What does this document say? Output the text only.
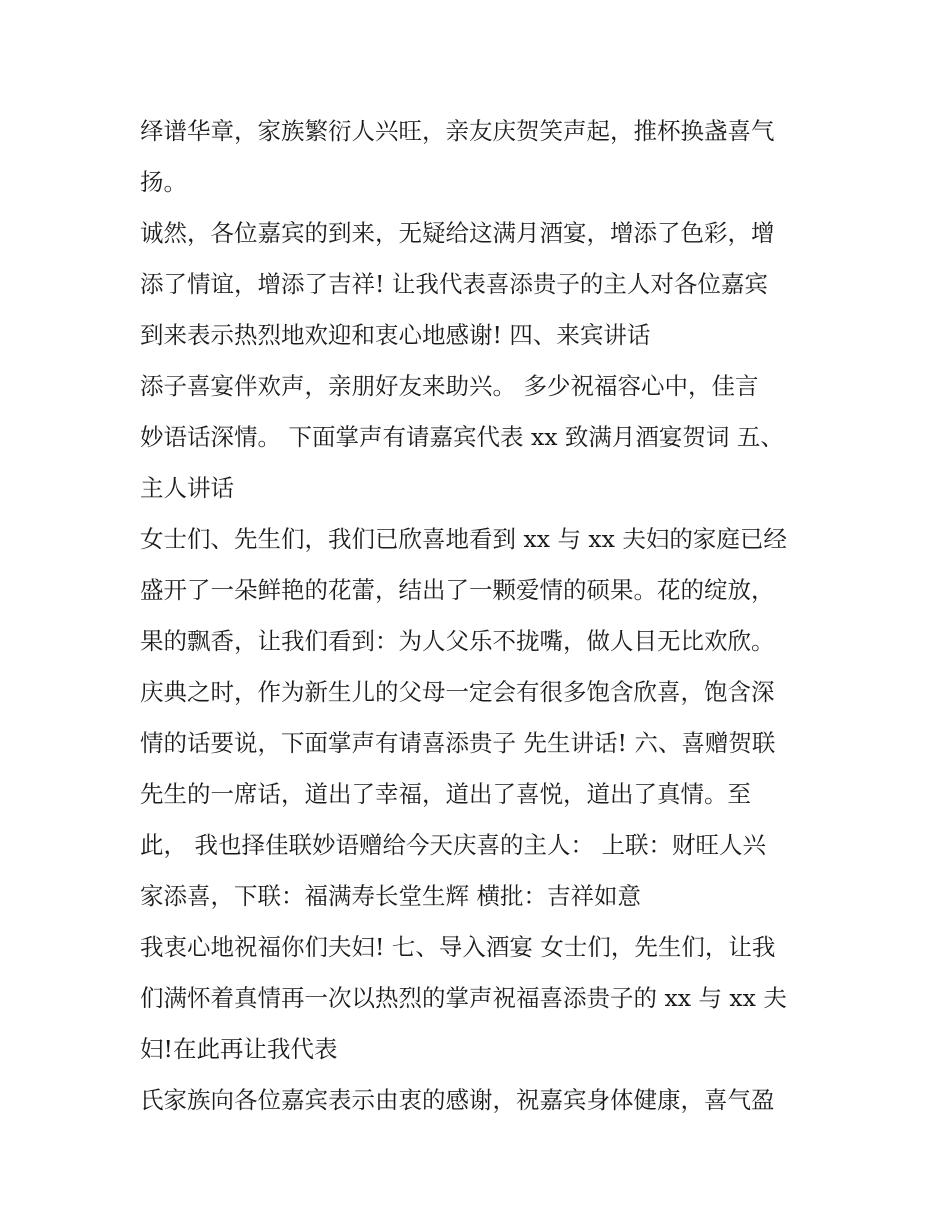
绎谱华章，家族繁衍人兴旺，亲友庆贺笑声起，推杯换盏喜气
扬。
诚然，各位嘉宾的到来，无疑给这满月酒宴，增添了色彩，增
添了情谊，增添了吉祥! 让我代表喜添贵子的主人对各位嘉宾
到来表示热烈地欢迎和衷心地感谢! 四、来宾讲话
添子喜宴伴欢声，亲朋好友来助兴。 多少祝福容心中，佳言
妙语话深情。 下面掌声有请嘉宾代表 xx 致满月酒宴贺词 五、
主人讲话
女士们、先生们，我们已欣喜地看到 xx 与 xx 夫妇的家庭已经
盛开了一朵鲜艳的花蕾，结出了一颗爱情的硕果。花的绽放，
果的飘香，让我们看到：为人父乐不拢嘴，做人目无比欢欣。
庆典之时，作为新生儿的父母一定会有很多饱含欣喜，饱含深
情的话要说，下面掌声有请喜添贵子 先生讲话! 六、喜赠贺联
先生的一席话，道出了幸福，道出了喜悦，道出了真情。至
此， 我也择佳联妙语赠给今天庆喜的主人： 上联：财旺人兴
家添喜，下联：福满寿长堂生辉 横批：吉祥如意
我衷心地祝福你们夫妇! 七、导入酒宴 女士们，先生们，让我
们满怀着真情再一次以热烈的掌声祝福喜添贵子的 xx 与 xx 夫
妇!在此再让我代表
氏家族向各位嘉宾表示由衷的感谢，祝嘉宾身体健康，喜气盈
